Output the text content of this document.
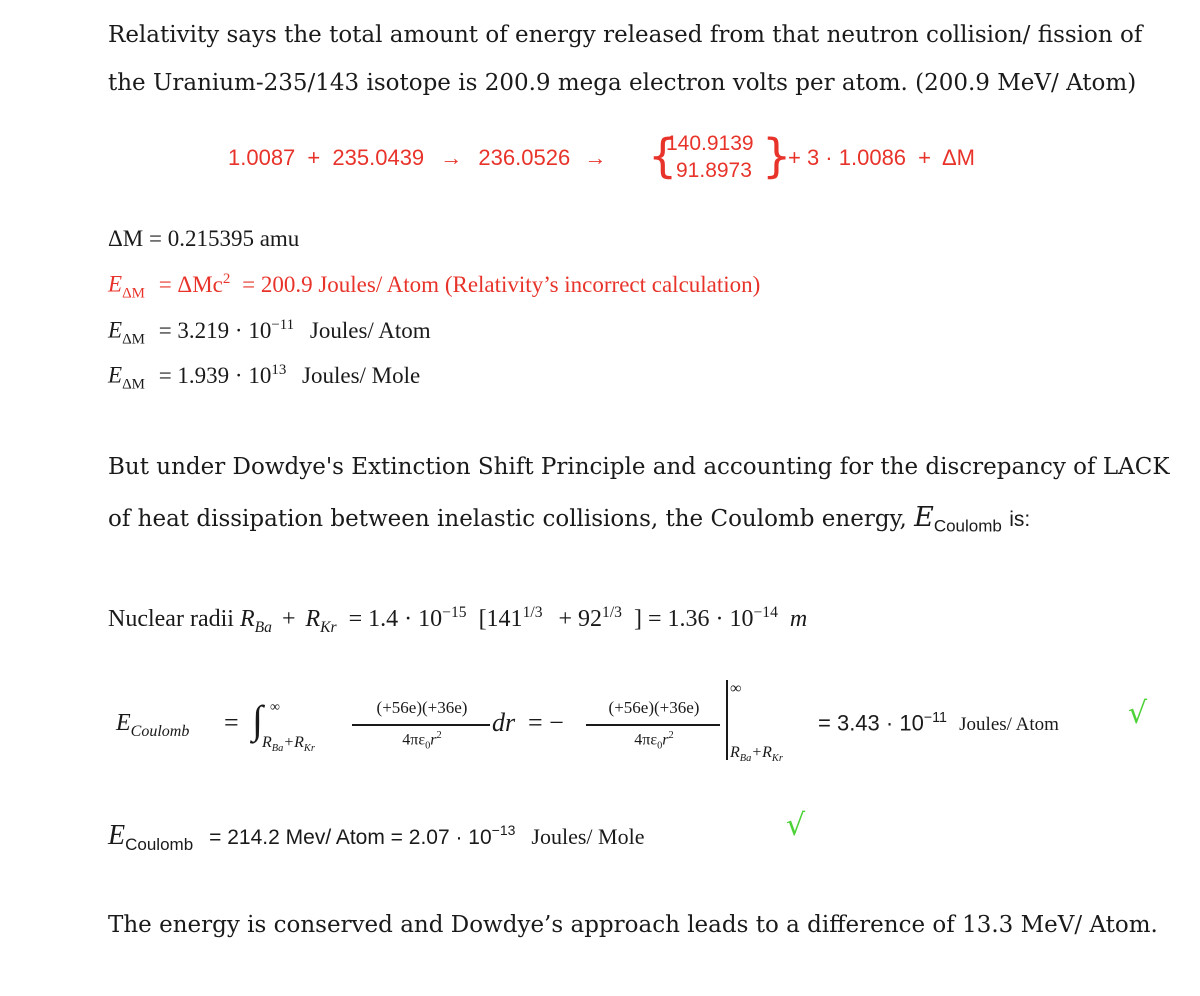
Relativity says the total amount of energy released from that neutron collision/ fission of
the Uranium-235/143 isotope is 200.9 mega electron volts per atom. (200.9 MeV/ Atom)
1.0087 + 235.0439 → 236.0526 → {
140.9139
91.8973 }
+ 3 · 1.0086 + ΔM
ΔM = 0.215395 amu
$E_{\Delta M} = \Delta Mc^2 = 200.9$ Joules/ Atom (Relativity’s incorrect calculation)
$E_{\Delta M} = 3.219 \cdot 10^{-11}$ Joules/ Atom
$E_{\Delta M} = 1.939 \cdot 10^{13}$ Joules/ Mole
But under Dowdye's Extinction Shift Principle and accounting for the discrepancy of LACK
of heat dissipation between inelastic collisions, the Coulomb energy, $E_{Coulomb}$ is:
Nuclear radii $R_{Ba} + R_{Kr} = 1.4 \cdot 10^{-15}$ [$141^{1/3} + 92^{1/3}$ ] = $1.36 \cdot 10^{-14}$ m
$E_{Coulomb}$ = ∫ ∞
$R_{Ba}+R_{Kr}$
(+56e)(+36e)
$4\pi\varepsilon_0r^2$	dr = −
(+56e)(+36e)
$4\pi\varepsilon_0r^2$
∞
$R_{Ba}+R_{Kr}$
= $3.43 \cdot 10^{-11}$ Joules/ Atom √
$E_{Coulomb} = 214.2$ Mev/ Atom = $2.07 \cdot 10^{-13}$ Joules/ Mole	√
The energy is conserved and Dowdye’s approach leads to a difference of 13.3 MeV/ Atom.
